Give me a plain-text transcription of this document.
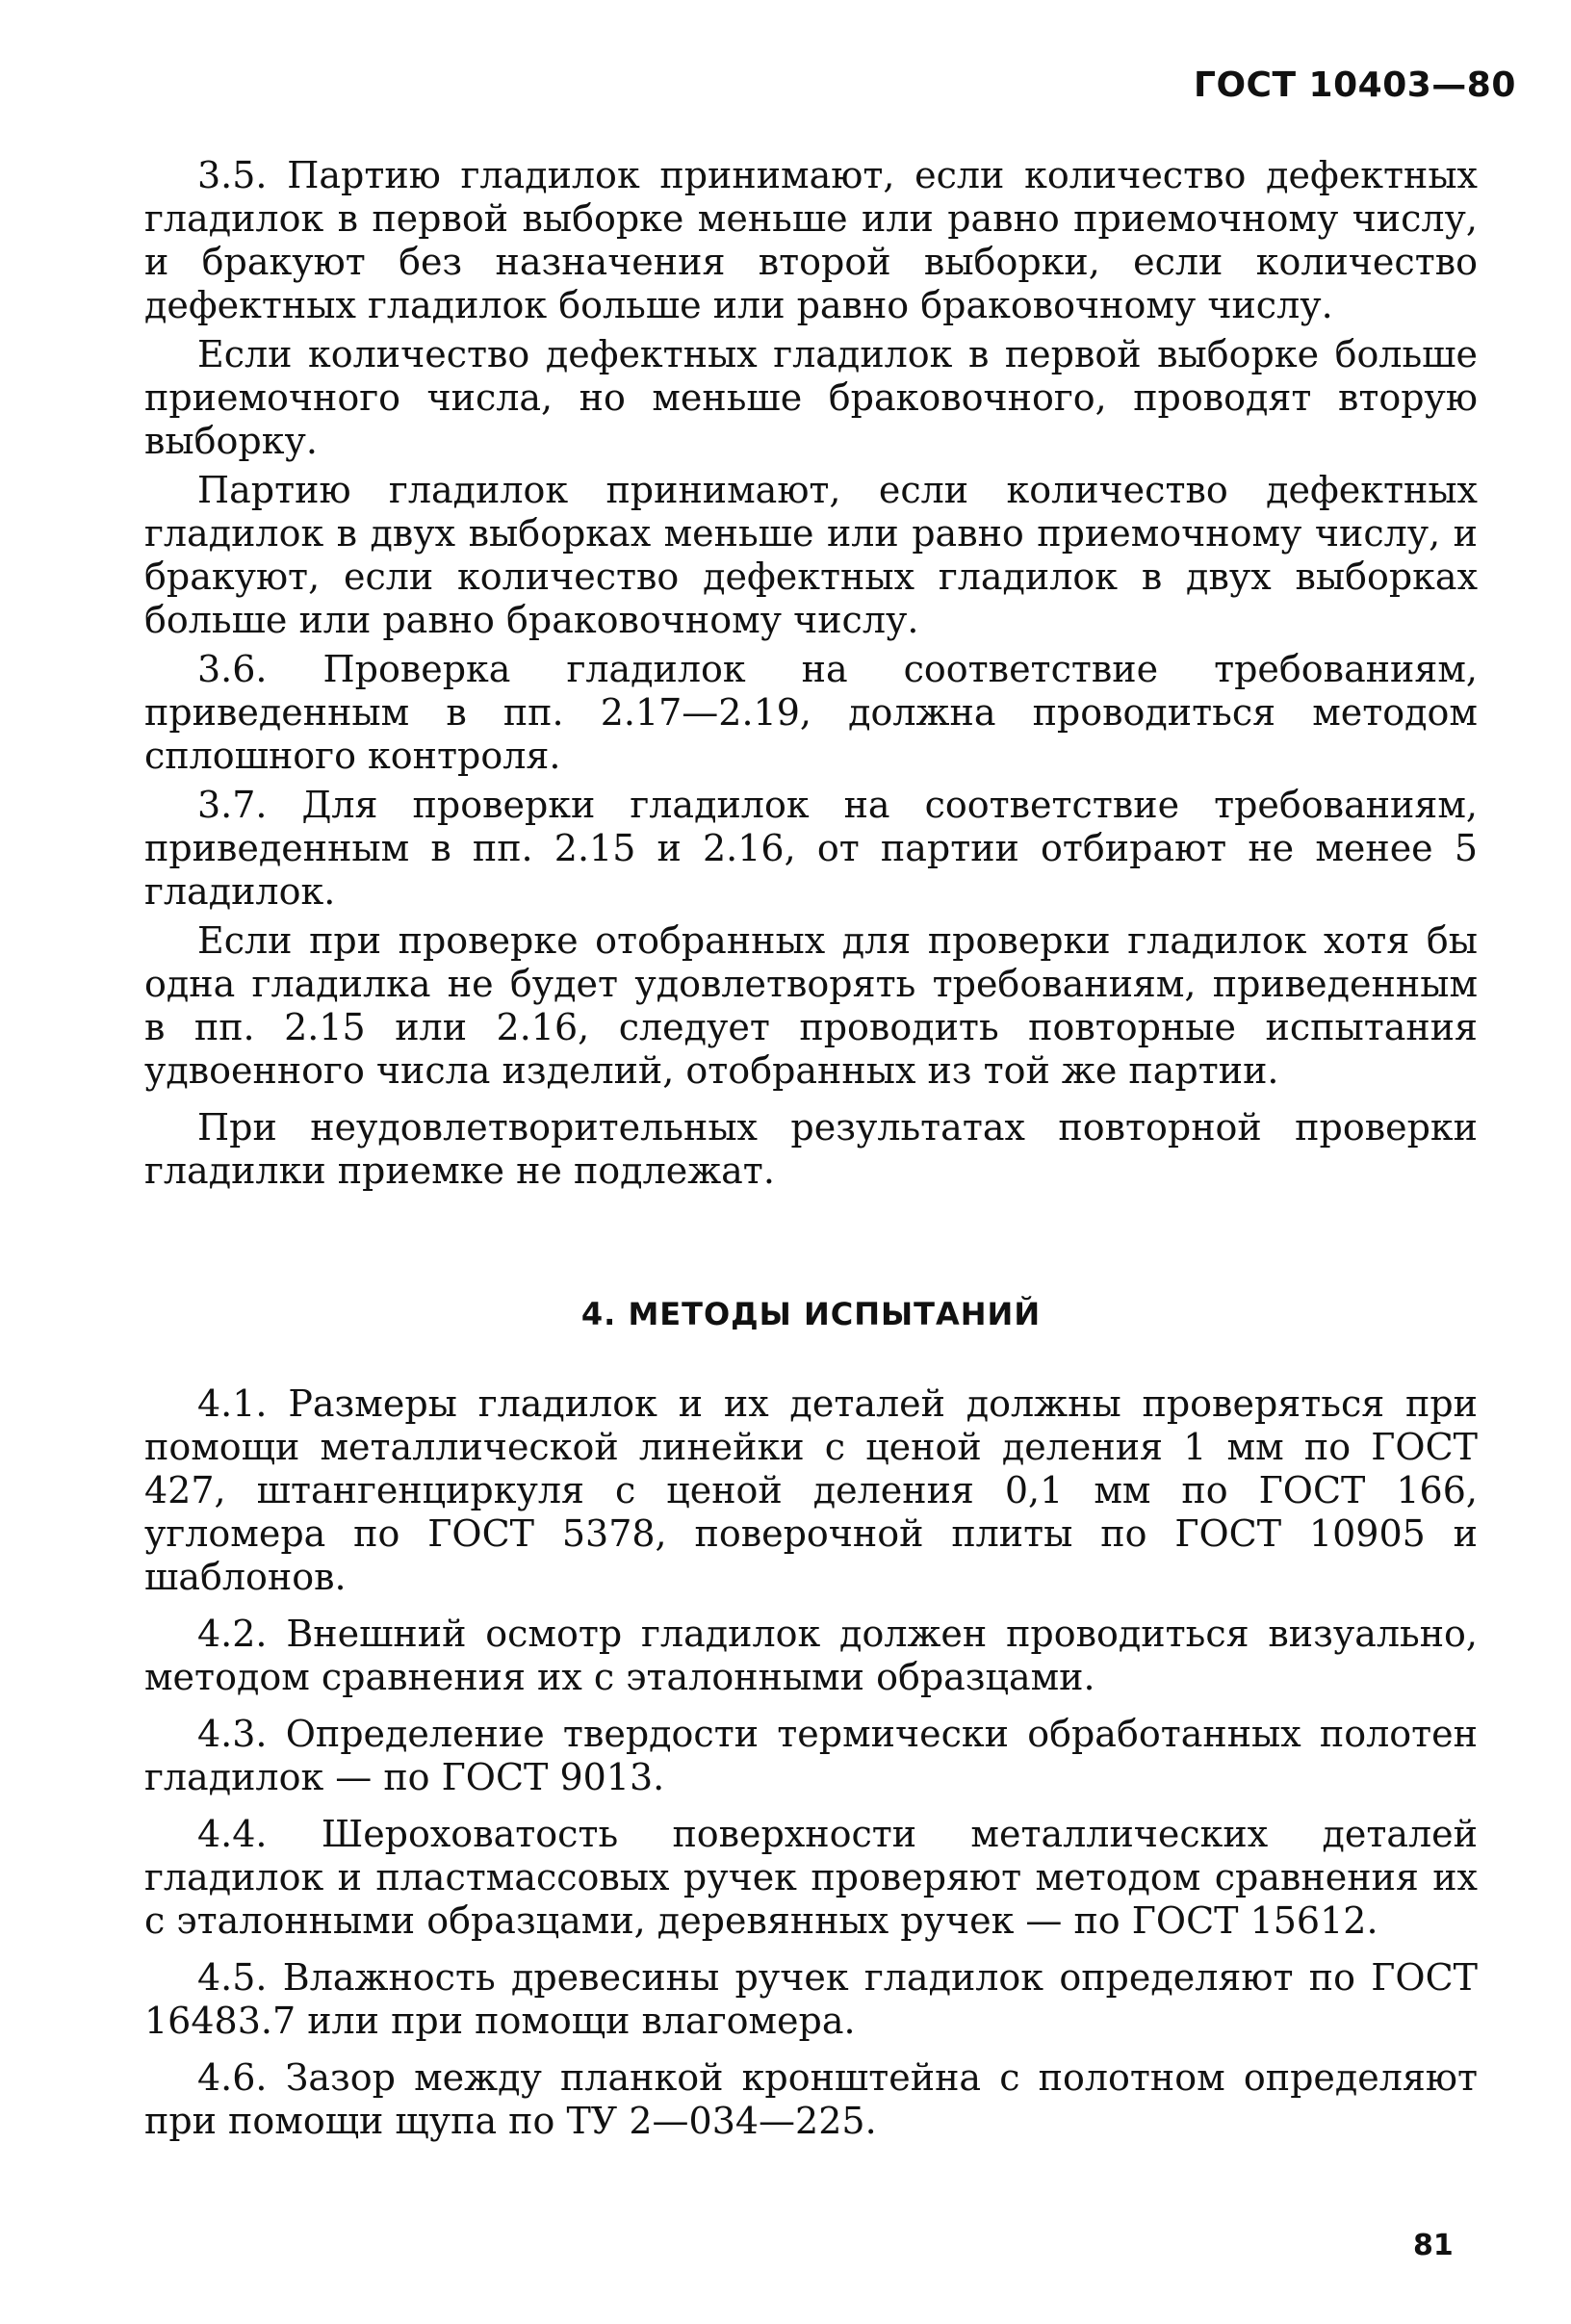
ГОСТ 10403—80

3.5. Партию гладилок принимают, если количество дефектных гладилок в первой выборке меньше или равно приемочному числу, и бракуют без назначения второй выборки, если количество дефектных гладилок больше или равно браковочному числу.

Если количество дефектных гладилок в первой выборке больше приемочного числа, но меньше браковочного, проводят вторую выборку.

Партию гладилок принимают, если количество дефектных гладилок в двух выборках меньше или равно приемочному числу, и бракуют, если количество дефектных гладилок в двух выборках больше или равно браковочному числу.

3.6. Проверка гладилок на соответствие требованиям, приведенным в пп. 2.17—2.19, должна проводиться методом сплошного контроля.

3.7. Для проверки гладилок на соответствие требованиям, приведенным в пп. 2.15 и 2.16, от партии отбирают не менее 5 гладилок.

Если при проверке отобранных для проверки гладилок хотя бы одна гладилка не будет удовлетворять требованиям, приведенным в пп. 2.15 или 2.16, следует проводить повторные испытания удвоенного числа изделий, отобранных из той же партии.

При неудовлетворительных результатах повторной проверки гладилки приемке не подлежат.

4. МЕТОДЫ ИСПЫТАНИЙ

4.1. Размеры гладилок и их деталей должны проверяться при помощи металлической линейки с ценой деления 1 мм по ГОСТ 427, штангенциркуля с ценой деления 0,1 мм по ГОСТ 166, угломера по ГОСТ 5378, поверочной плиты по ГОСТ 10905 и шаблонов.

4.2. Внешний осмотр гладилок должен проводиться визуально, методом сравнения их с эталонными образцами.

4.3. Определение твердости термически обработанных полотен гладилок — по ГОСТ 9013.

4.4. Шероховатость поверхности металлических деталей гладилок и пластмассовых ручек проверяют методом сравнения их с эталонными образцами, деревянных ручек — по ГОСТ 15612.

4.5. Влажность древесины ручек гладилок определяют по ГОСТ 16483.7 или при помощи влагомера.

4.6. Зазор между планкой кронштейна с полотном определяют при помощи щупа по ТУ 2—034—225.

81
